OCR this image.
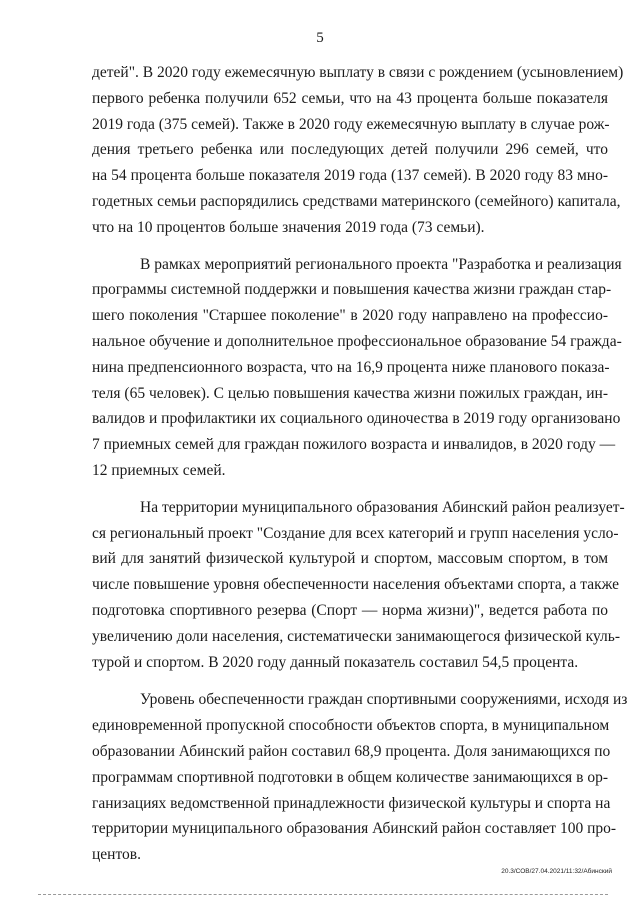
5
детей". В 2020 году ежемесячную выплату в связи с рождением (усыновлением)
первого ребенка получили 652 семьи, что на 43 процента больше показателя
2019 года (375 семей). Также в 2020 году ежемесячную выплату в случае рож-
дения третьего ребенка или последующих детей получили 296 семей, что
на 54 процента больше показателя 2019 года (137 семей). В 2020 году 83 мно-
годетных семьи распорядились средствами материнского (семейного) капитала,
что на 10 процентов больше значения 2019 года (73 семьи).
В рамках мероприятий регионального проекта "Разработка и реализация
программы системной поддержки и повышения качества жизни граждан стар-
шего поколения "Старшее поколение" в 2020 году направлено на профессио-
нальное обучение и дополнительное профессиональное образование 54 гражда-
нина предпенсионного возраста, что на 16,9 процента ниже планового показа-
теля (65 человек). С целью повышения качества жизни пожилых граждан, ин-
валидов и профилактики их социального одиночества в 2019 году организовано
7 приемных семей для граждан пожилого возраста и инвалидов, в 2020 году —
12 приемных семей.
На территории муниципального образования Абинский район реализует-
ся региональный проект "Создание для всех категорий и групп населения усло-
вий для занятий физической культурой и спортом, массовым спортом, в том
числе повышение уровня обеспеченности населения объектами спорта, а также
подготовка спортивного резерва (Спорт — норма жизни)", ведется работа по
увеличению доли населения, систематически занимающегося физической куль-
турой и спортом. В 2020 году данный показатель составил 54,5 процента.
Уровень обеспеченности граждан спортивными сооружениями, исходя из
единовременной пропускной способности объектов спорта, в муниципальном
образовании Абинский район составил 68,9 процента. Доля занимающихся по
программам спортивной подготовки в общем количестве занимающихся в ор-
ганизациях ведомственной принадлежности физической культуры и спорта на
территории муниципального образования Абинский район составляет 100 про-
центов.
20.3/СОВ/27.04.2021/11:32/Абинский
